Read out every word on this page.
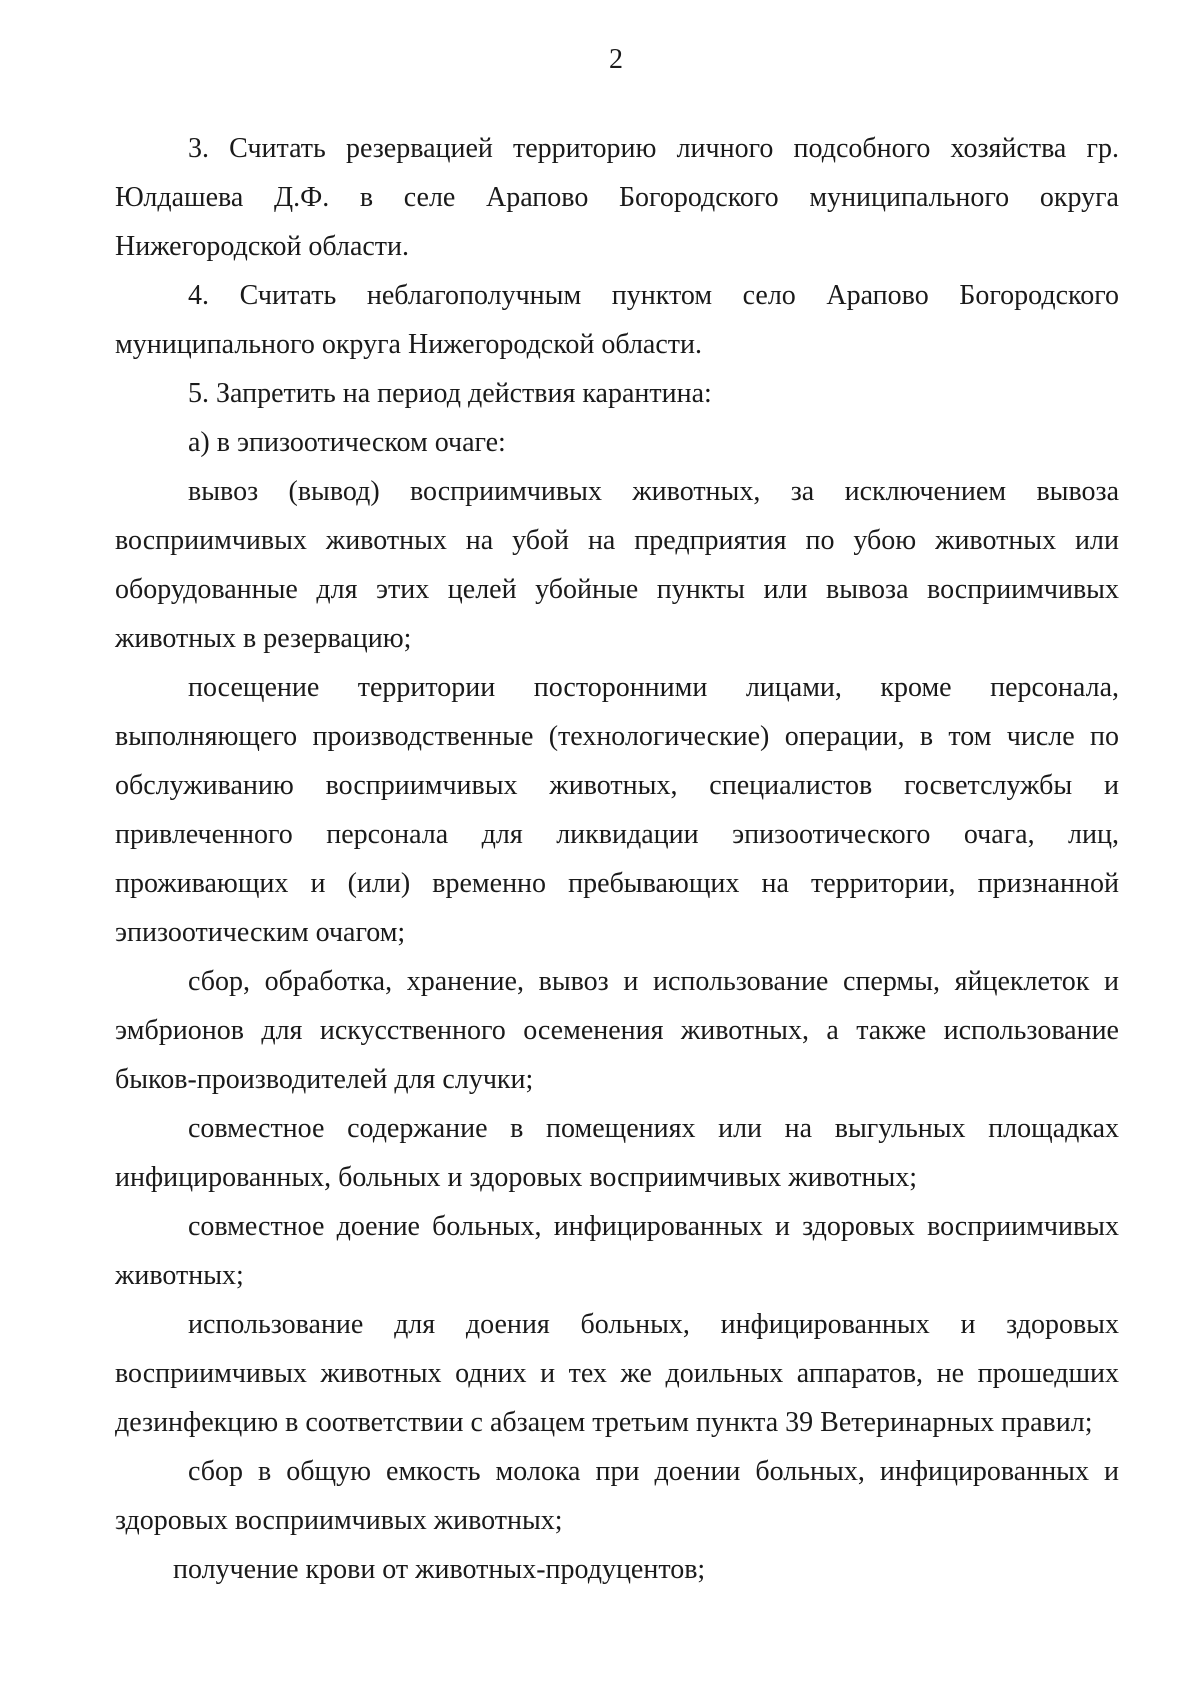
2

3. Считать резервацией территорию личного подсобного хозяйства гр. Юлдашева Д.Ф. в селе Арапово Богородского муниципального округа Нижегородской области.

4. Считать неблагополучным пунктом село Арапово Богородского муниципального округа Нижегородской области.

5. Запретить на период действия карантина:

а) в эпизоотическом очаге:

вывоз (вывод) восприимчивых животных, за исключением вывоза восприимчивых животных на убой на предприятия по убою животных или оборудованные для этих целей убойные пункты или вывоза восприимчивых животных в резервацию;

посещение территории посторонними лицами, кроме персонала, выполняющего производственные (технологические) операции, в том числе по обслуживанию восприимчивых животных, специалистов госветслужбы и привлеченного персонала для ликвидации эпизоотического очага, лиц, проживающих и (или) временно пребывающих на территории, признанной эпизоотическим очагом;

сбор, обработка, хранение, вывоз и использование спермы, яйцеклеток и эмбрионов для искусственного осеменения животных, а также использование быков-производителей для случки;

совместное содержание в помещениях или на выгульных площадках инфицированных, больных и здоровых восприимчивых животных;

совместное доение больных, инфицированных и здоровых восприимчивых животных;

использование для доения больных, инфицированных и здоровых восприимчивых животных одних и тех же доильных аппаратов, не прошедших дезинфекцию в соответствии с абзацем третьим пункта 39 Ветеринарных правил;

сбор в общую емкость молока при доении больных, инфицированных и здоровых восприимчивых животных;

получение крови от животных-продуцентов;
